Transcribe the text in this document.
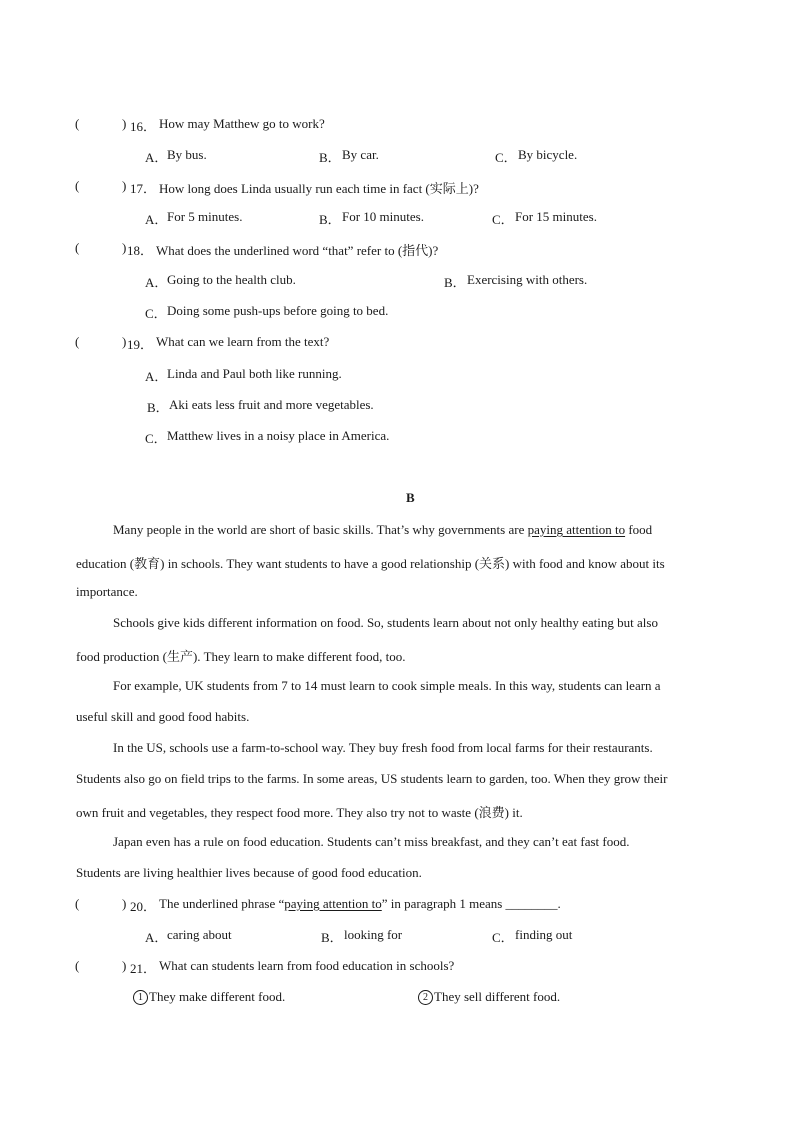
(	) 16． How may Matthew go to work?
A． By bus.	B． By car.	C． By bicycle.
(	) 17． How long does Linda usually run each time in fact (实际上)?
A． For 5 minutes.	B． For 10 minutes.	C． For 15 minutes.
(	) 18． What does the underlined word “that” refer to (指代)?
A． Going to the health club.	B． Exercising with others.
C． Doing some push-ups before going to bed.
(	) 19． What can we learn from the text?
A． Linda and Paul both like running.
B． Aki eats less fruit and more vegetables.
C． Matthew lives in a noisy place in America.
B
Many people in the world are short of basic skills. That’s why governments are paying attention to food
education (教育) in schools. They want students to have a good relationship (关系) with food and know about its
importance.
Schools give kids different information on food. So, students learn about not only healthy eating but also
food production (生产). They learn to make different food, too.
For example, UK students from 7 to 14 must learn to cook simple meals. In this way, students can learn a
useful skill and good food habits.
In the US, schools use a farm-to-school way. They buy fresh food from local farms for their restaurants.
Students also go on field trips to the farms. In some areas, US students learn to garden, too. When they grow their
own fruit and vegetables, they respect food more. They also try not to waste (浪费) it.
Japan even has a rule on food education. Students can’t miss breakfast, and they can’t eat fast food.
Students are living healthier lives because of good food education.
(	) 20． The underlined phrase “paying attention to” in paragraph 1 means ________.
A． caring about	B． looking for	C． finding out
(	) 21． What can students learn from food education in schools?
1 They make different food.	2 They sell different food.
